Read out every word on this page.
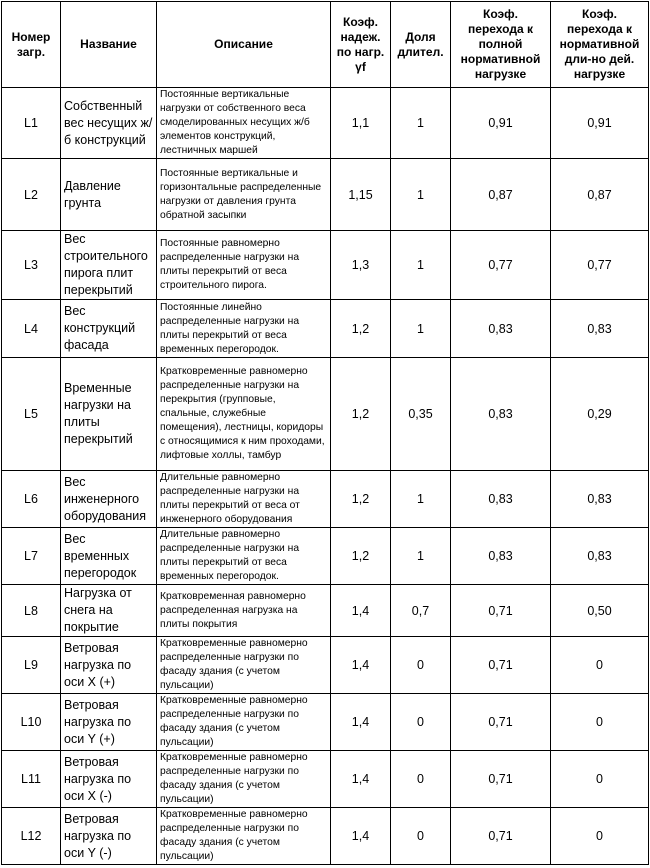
Номер загр.	Название	Описание	Коэф. надеж. по нагр. γf	Доля длител.	Коэф. перехода к полной нормативной нагрузке	Коэф. перехода к нормативной дли-но дей. нагрузке
L1	Собственный вес несущих ж/б конструкций	Постоянные вертикальные нагрузки от собственного веса смоделированных несущих ж/б элементов конструкций, лестничных маршей	1,1	1	0,91	0,91
L2	Давление грунта	Постоянные вертикальные и горизонтальные распределенные нагрузки от давления грунта обратной засыпки	1,15	1	0,87	0,87
L3	Вес строительного пирога плит перекрытий	Постоянные равномерно распределенные нагрузки на плиты перекрытий от веса строительного пирога.	1,3	1	0,77	0,77
L4	Вес конструкций фасада	Постоянные линейно распределенные нагрузки на плиты перекрытий от веса временных перегородок.	1,2	1	0,83	0,83
L5	Временные нагрузки на плиты перекрытий	Кратковременные равномерно распределенные нагрузки на перекрытия (групповые, спальные, служебные помещения), лестницы, коридоры с относящимися к ним проходами, лифтовые холлы, тамбур	1,2	0,35	0,83	0,29
L6	Вес инженерного оборудования	Длительные равномерно распределенные нагрузки на плиты перекрытий от веса от инженерного оборудования	1,2	1	0,83	0,83
L7	Вес временных перегородок	Длительные равномерно распределенные нагрузки на плиты перекрытий от веса временных перегородок.	1,2	1	0,83	0,83
L8	Нагрузка от снега на покрытие	Кратковременная равномерно распределенная нагрузка на плиты покрытия	1,4	0,7	0,71	0,50
L9	Ветровая нагрузка по оси X (+)	Кратковременные равномерно распределенные нагрузки по фасаду здания (с учетом пульсации)	1,4	0	0,71	0
L10	Ветровая нагрузка по оси Y (+)	Кратковременные равномерно распределенные нагрузки по фасаду здания (с учетом пульсации)	1,4	0	0,71	0
L11	Ветровая нагрузка по оси X (-)	Кратковременные равномерно распределенные нагрузки по фасаду здания (с учетом пульсации)	1,4	0	0,71	0
L12	Ветровая нагрузка по оси Y (-)	Кратковременные равномерно распределенные нагрузки по фасаду здания (с учетом пульсации)	1,4	0	0,71	0
